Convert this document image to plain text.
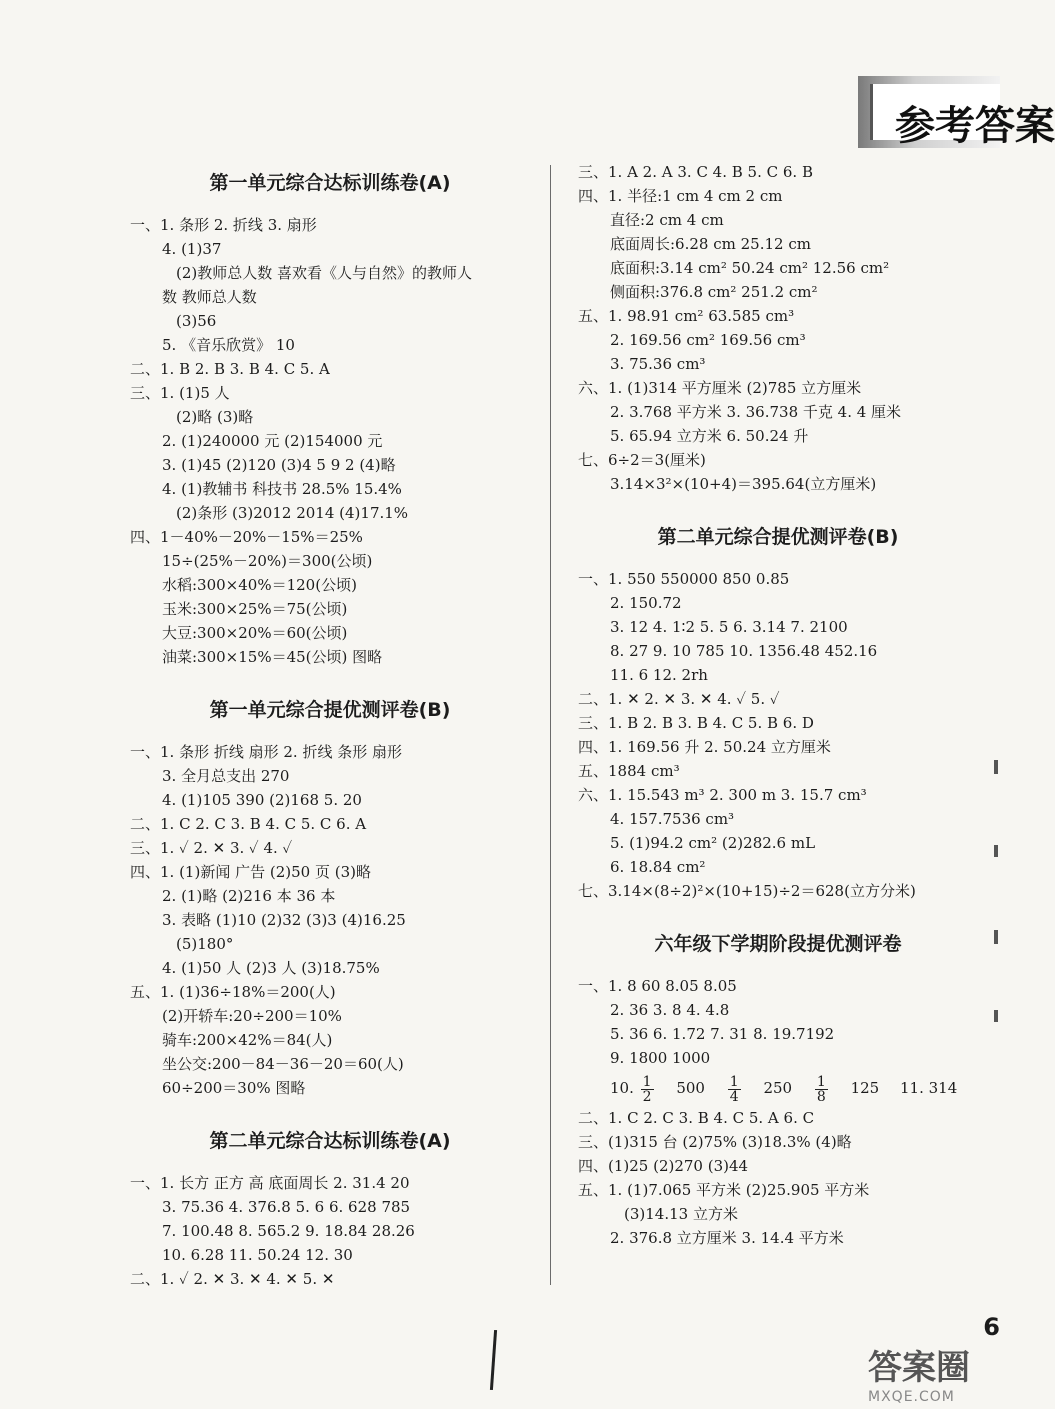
参考答案
第一单元综合达标训练卷(A)
一、1. 条形 2. 折线 3. 扇形
4. (1)37
(2)教师总人数 喜欢看《人与自然》的教师人
数 教师总人数
(3)56
5. 《音乐欣赏》 10
二、1. B 2. B 3. B 4. C 5. A
三、1. (1)5 人
(2)略 (3)略
2. (1)240000 元 (2)154000 元
3. (1)45 (2)120 (3)4 5 9 2 (4)略
4. (1)教辅书 科技书 28.5% 15.4%
(2)条形 (3)2012 2014 (4)17.1%
四、1－40%－20%－15%＝25%
15÷(25%－20%)＝300(公顷)
水稻:300×40%＝120(公顷)
玉米:300×25%＝75(公顷)
大豆:300×20%＝60(公顷)
油菜:300×15%＝45(公顷) 图略
第一单元综合提优测评卷(B)
一、1. 条形 折线 扇形 2. 折线 条形 扇形
3. 全月总支出 270
4. (1)105 390 (2)168 5. 20
二、1. C 2. C 3. B 4. C 5. C 6. A
三、1. ✓ 2. ✕ 3. ✓ 4. ✓
四、1. (1)新闻 广告 (2)50 页 (3)略
2. (1)略 (2)216 本 36 本
3. 表略 (1)10 (2)32 (3)3 (4)16.25
(5)180°
4. (1)50 人 (2)3 人 (3)18.75%
五、1. (1)36÷18%＝200(人)
(2)开轿车:20÷200＝10%
骑车:200×42%＝84(人)
坐公交:200－84－36－20＝60(人)
60÷200＝30% 图略
第二单元综合达标训练卷(A)
一、1. 长方 正方 高 底面周长 2. 31.4 20
3. 75.36 4. 376.8 5. 6 6. 628 785
7. 100.48 8. 565.2 9. 18.84 28.26
10. 6.28 11. 50.24 12. 30
二、1. ✓ 2. ✕ 3. ✕ 4. ✕ 5. ✕
三、1. A 2. A 3. C 4. B 5. C 6. B
四、1. 半径:1 cm 4 cm 2 cm
直径:2 cm 4 cm
底面周长:6.28 cm 25.12 cm
底面积:3.14 cm² 50.24 cm² 12.56 cm²
侧面积:376.8 cm² 251.2 cm²
五、1. 98.91 cm² 63.585 cm³
2. 169.56 cm² 169.56 cm³
3. 75.36 cm³
六、1. (1)314 平方厘米 (2)785 立方厘米
2. 3.768 平方米 3. 36.738 千克 4. 4 厘米
5. 65.94 立方米 6. 50.24 升
七、6÷2＝3(厘米)
3.14×3²×(10+4)＝395.64(立方厘米)
第二单元综合提优测评卷(B)
一、1. 550 550000 850 0.85
2. 150.72
3. 12 4. 1∶2 5. 5 6. 3.14 7. 2100
8. 27 9. 10 785 10. 1356.48 452.16
11. 6 12. 2rh
二、1. ✕ 2. ✕ 3. ✕ 4. ✓ 5. ✓
三、1. B 2. B 3. B 4. C 5. B 6. D
四、1. 169.56 升 2. 50.24 立方厘米
五、1884 cm³
六、1. 15.543 m³ 2. 300 m 3. 15.7 cm³
4. 157.7536 cm³
5. (1)94.2 cm² (2)282.6 mL
6. 18.84 cm²
七、3.14×(8÷2)²×(10+15)÷2＝628(立方分米)
六年级下学期阶段提优测评卷
一、1. 8 60 8.05 8.05
2. 36 3. 8 4. 4.8
5. 36 6. 1.72 7. 31 8. 19.7192
9. 1800 1000
10. $\frac{1}{2} 500 \frac{1}{4} 250 \frac{1}{8} 125$ 11. 314
二、1. C 2. C 3. B 4. C 5. A 6. C
三、(1)315 台 (2)75% (3)18.3% (4)略
四、(1)25 (2)270 (3)44
五、1. (1)7.065 平方米 (2)25.905 平方米
(3)14.13 立方米
2. 376.8 立方厘米 3. 14.4 平方米
6
答案圈
MXQE.COM
